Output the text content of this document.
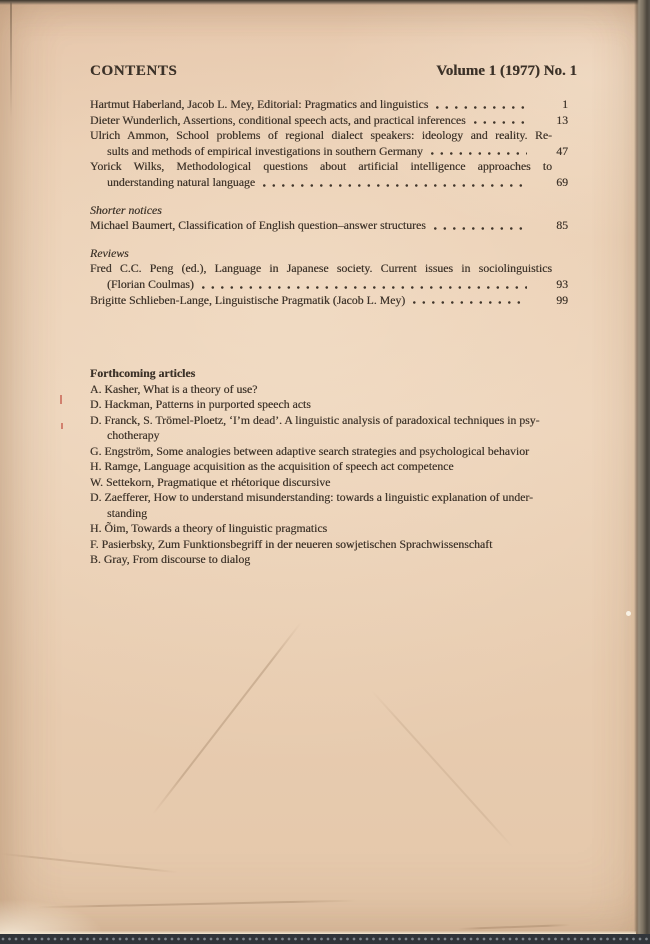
CONTENTS	Volume 1 (1977) No. 1
Hartmut Haberland, Jacob L. Mey, Editorial: Pragmatics and linguistics	1
Dieter Wunderlich, Assertions, conditional speech acts, and practical inferences	13
Ulrich Ammon, School problems of regional dialect speakers: ideology and reality. Re-
sults and methods of empirical investigations in southern Germany	47
Yorick Wilks, Methodological questions about artificial intelligence approaches to
understanding natural language	69
Shorter notices
Michael Baumert, Classification of English question–answer structures	85
Reviews
Fred C.C. Peng (ed.), Language in Japanese society. Current issues in sociolinguistics
(Florian Coulmas)	93
Brigitte Schlieben-Lange, Linguistische Pragmatik (Jacob L. Mey)	99
Forthcoming articles
A. Kasher, What is a theory of use?
D. Hackman, Patterns in purported speech acts
D. Franck, S. Trömel-Ploetz, ‘I’m dead’. A linguistic analysis of paradoxical techniques in psy-
chotherapy
G. Engström, Some analogies between adaptive search strategies and psychological behavior
H. Ramge, Language acquisition as the acquisition of speech act competence
W. Settekorn, Pragmatique et rhétorique discursive
D. Zaefferer, How to understand misunderstanding: towards a linguistic explanation of under-
standing
H. Õim, Towards a theory of linguistic pragmatics
F. Pasierbsky, Zum Funktionsbegriff in der neueren sowjetischen Sprachwissenschaft
B. Gray, From discourse to dialog
